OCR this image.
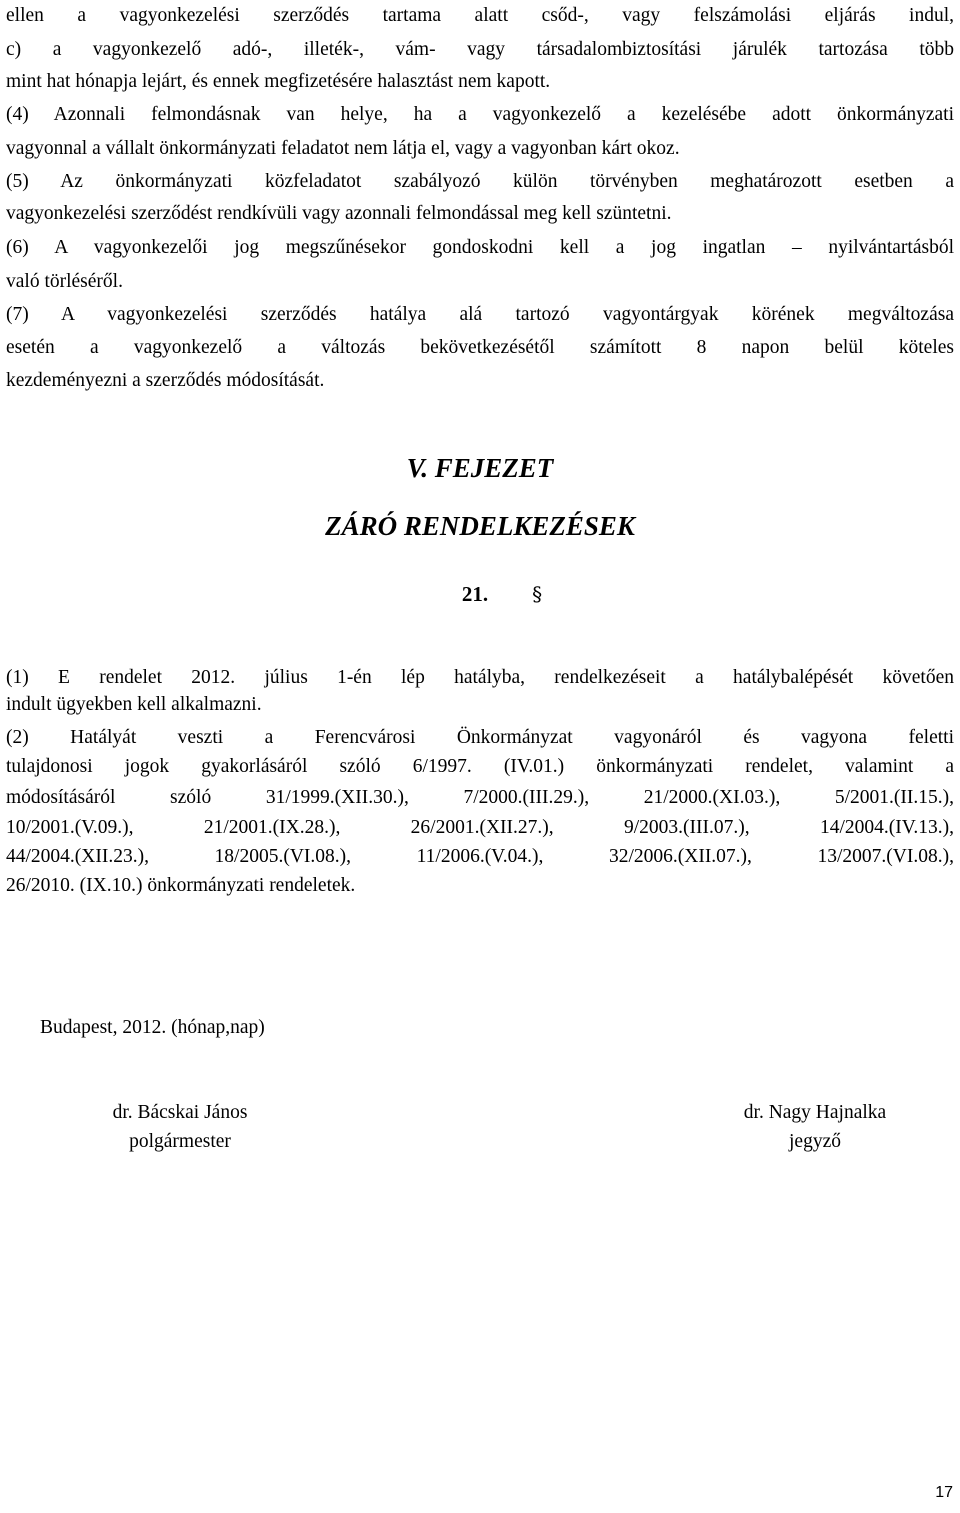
ellen a vagyonkezelési szerződés tartama alatt csőd-, vagy felszámolási eljárás indul,
c) a vagyonkezelő adó-, illeték-, vám- vagy társadalombiztosítási járulék tartozása több
mint hat hónapja lejárt, és ennek megfizetésére halasztást nem kapott.
(4) Azonnali felmondásnak van helye, ha a vagyonkezelő a kezelésébe adott önkormányzati
vagyonnal a vállalt önkormányzati feladatot nem látja el, vagy a vagyonban kárt okoz.
(5) Az önkormányzati közfeladatot szabályozó külön törvényben meghatározott esetben a
vagyonkezelési szerződést rendkívüli vagy azonnali felmondással meg kell szüntetni.
(6) A vagyonkezelői jog megszűnésekor gondoskodni kell a jog ingatlan – nyilvántartásból
való törléséről.
(7) A vagyonkezelési szerződés hatálya alá tartozó vagyontárgyak körének megváltozása
esetén a vagyonkezelő a változás bekövetkezésétől számított 8 napon belül köteles
kezdeményezni a szerződés módosítását.
V. FEJEZET
ZÁRÓ RENDELKEZÉSEK
21. §
(1) E rendelet 2012. július 1-én lép hatályba, rendelkezéseit a hatálybalépését követően
indult ügyekben kell alkalmazni.
(2) Hatályát veszti a Ferencvárosi Önkormányzat vagyonáról és vagyona feletti
tulajdonosi jogok gyakorlásáról szóló 6/1997. (IV.01.) önkormányzati rendelet, valamint a
módosításáról szóló 31/1999.(XII.30.), 7/2000.(III.29.), 21/2000.(XI.03.), 5/2001.(II.15.),
10/2001.(V.09.), 21/2001.(IX.28.), 26/2001.(XII.27.), 9/2003.(III.07.), 14/2004.(IV.13.),
44/2004.(XII.23.), 18/2005.(VI.08.), 11/2006.(V.04.), 32/2006.(XII.07.), 13/2007.(VI.08.),
26/2010. (IX.10.) önkormányzati rendeletek.
Budapest, 2012. (hónap,nap)
dr. Bácskai János
polgármester
dr. Nagy Hajnalka
jegyző
17
